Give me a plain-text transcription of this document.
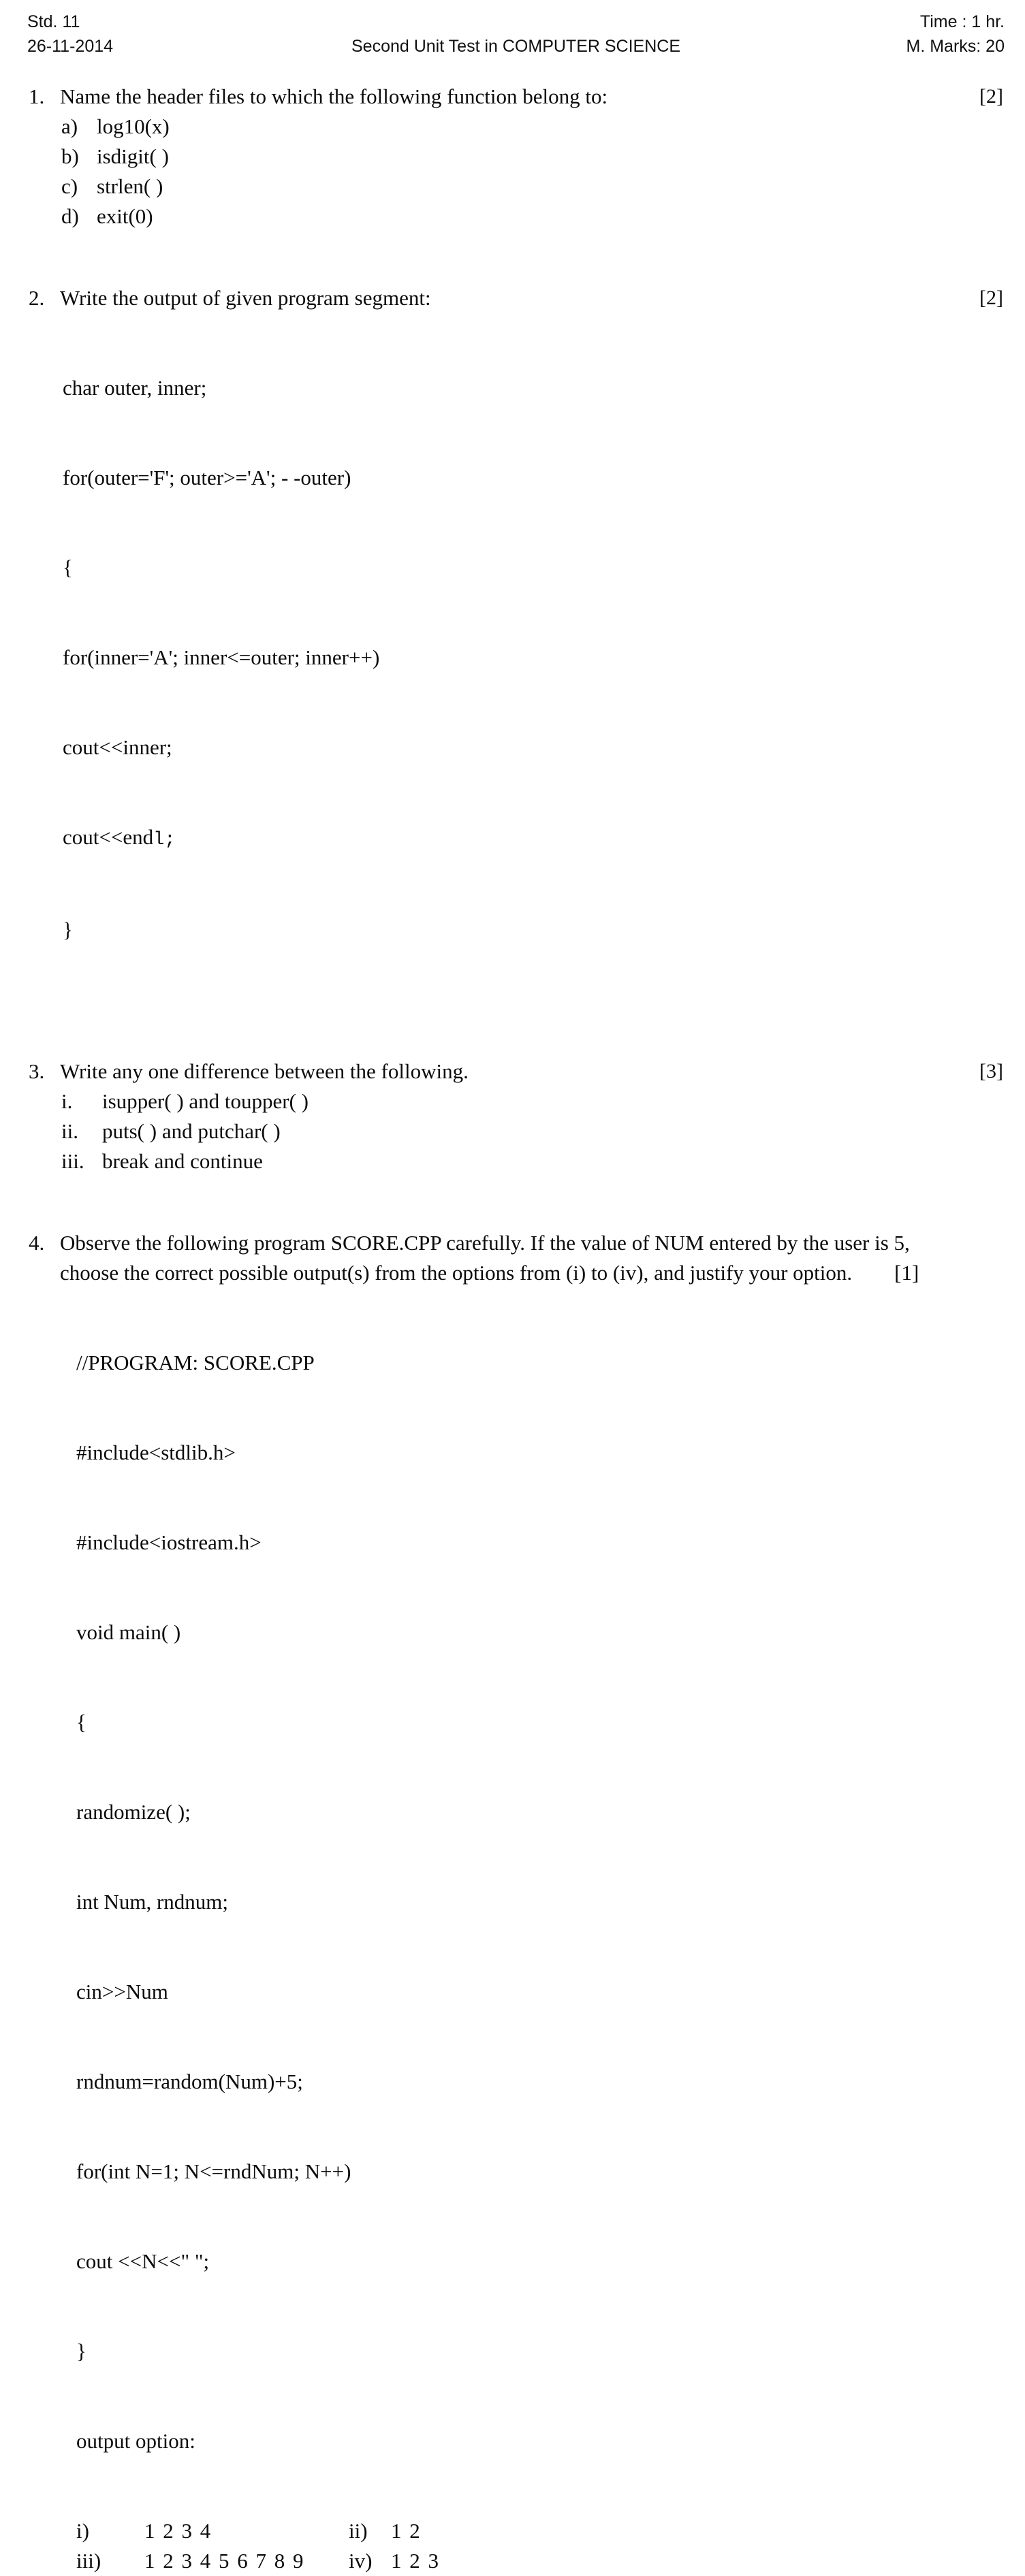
Std. 11	Time : 1 hr.
26-11-2014	Second Unit Test in COMPUTER SCIENCE	M. Marks: 20
1. Name the header files to which the following function belong to:	[2]
a) log10(x)
b) isdigit( )
c) strlen( )
d) exit(0)
2. Write the output of given program segment:	[2]

char outer, inner;

for(outer='F'; outer>='A'; - -outer)

{

for(inner='A'; inner<=outer; inner++)

cout<<inner;

cout<<endl;

}

3. Write any one difference between the following.	[3]
i.	isupper( ) and toupper( )
ii.	puts( ) and putchar( )
iii. break and continue
4. Observe the following program SCORE.CPP carefully. If the value of NUM entered by the user is 5,
choose the correct possible output(s) from the options from (i) to (iv), and justify your option. [1]

//PROGRAM: SCORE.CPP

#include<stdlib.h>

#include<iostream.h>

void main( )

{

randomize( );

int Num, rndnum;

cin>>Num

rndnum=random(Num)+5;

for(int N=1; N<=rndNum; N++)

cout <<N<<" ";

}

output option:

i)	1 2 3 4	ii)	1 2
iii)	1 2 3 4 5 6 7 8 9	iv) 1 2 3
